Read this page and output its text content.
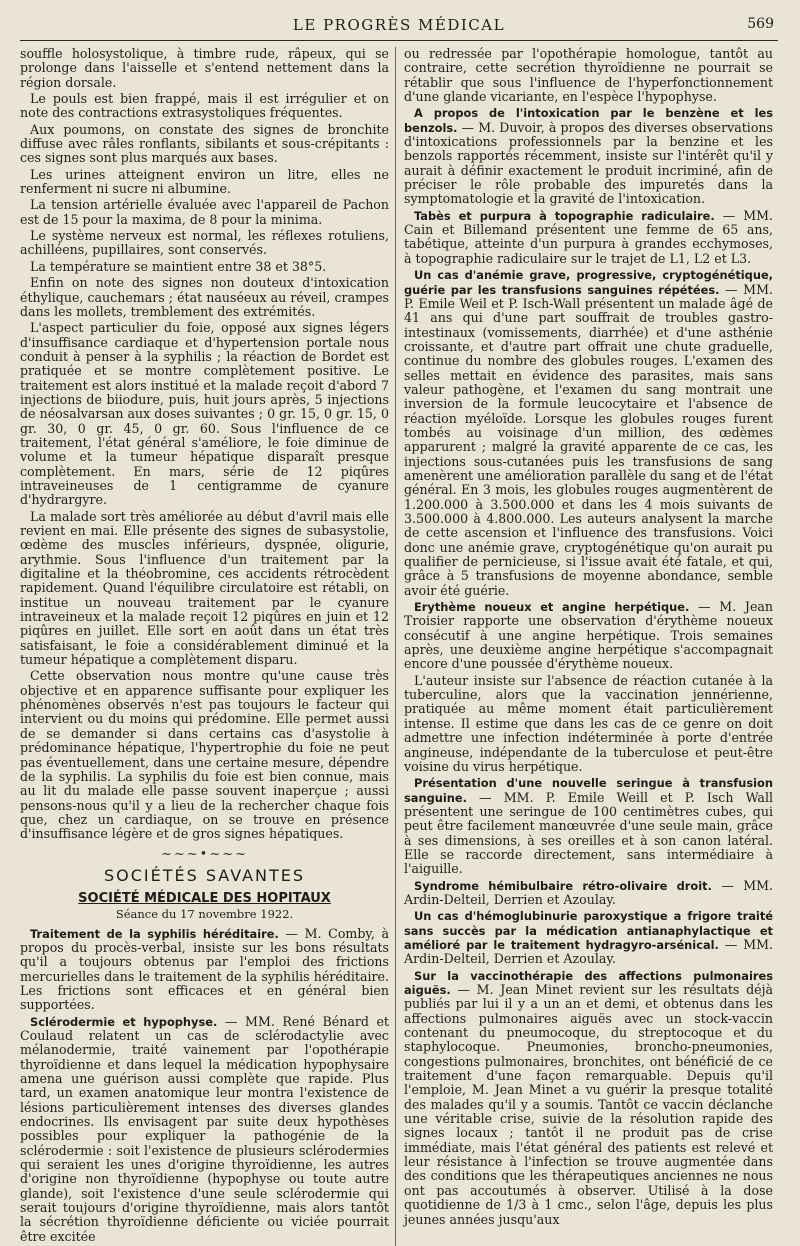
LE PROGRÈS MÉDICAL	569

souffle holosystolique, à timbre rude, râpeux, qui se prolonge dans l'aisselle et s'entend nettement dans la région dorsale.

Le pouls est bien frappé, mais il est irrégulier et on note des contractions extrasystoliques fréquentes.

Aux poumons, on constate des signes de bronchite diffuse avec râles ronflants, sibilants et sous-crépitants : ces signes sont plus marqués aux bases.

Les urines atteignent environ un litre, elles ne renferment ni sucre ni albumine.

La tension artérielle évaluée avec l'appareil de Pachon est de 15 pour la maxima, de 8 pour la minima.

Le système nerveux est normal, les réflexes rotuliens, achilléens, pupillaires, sont conservés.

La température se maintient entre 38 et 38°5.

Enfin on note des signes non douteux d'intoxication éthylique, cauchemars ; état nauséeux au réveil, crampes dans les mollets, tremblement des extrémités.

L'aspect particulier du foie, opposé aux signes légers d'insuffisance cardiaque et d'hypertension portale nous conduit à penser à la syphilis ; la réaction de Bordet est pratiquée et se montre complètement positive. Le traitement est alors institué et la malade reçoit d'abord 7 injections de biiodure, puis, huit jours après, 5 injections de néosalvarsan aux doses suivantes ; 0 gr. 15, 0 gr. 15, 0 gr. 30, 0 gr. 45, 0 gr. 60. Sous l'influence de ce traitement, l'état général s'améliore, le foie diminue de volume et la tumeur hépatique disparaît presque complètement. En mars, série de 12 piqûres intraveineuses de 1 centigramme de cyanure d'hydrargyre.

La malade sort très améliorée au début d'avril mais elle revient en mai. Elle présente des signes de subasystolie, œdème des muscles inférieurs, dyspnée, oligurie, arythmie. Sous l'influence d'un traitement par la digitaline et la théobromine, ces accidents rétrocèdent rapidement. Quand l'équilibre circulatoire est rétabli, on institue un nouveau traitement par le cyanure intraveineux et la malade reçoit 12 piqûres en juin et 12 piqûres en juillet. Elle sort en août dans un état très satisfaisant, le foie a considérablement diminué et la tumeur hépatique a complètement disparu.

Cette observation nous montre qu'une cause très objective et en apparence suffisante pour expliquer les phénomènes observés n'est pas toujours le facteur qui intervient ou du moins qui prédomine. Elle permet aussi de se demander si dans certains cas d'asystolie à prédominance hépatique, l'hypertrophie du foie ne peut pas éventuellement, dans une certaine mesure, dépendre de la syphilis. La syphilis du foie est bien connue, mais au lit du malade elle passe souvent inaperçue ; aussi pensons-nous qu'il y a lieu de la rechercher chaque fois que, chez un cardiaque, on se trouve en présence d'insuffisance légère et de gros signes hépatiques.

~~~•~~~
SOCIÉTÉS SAVANTES
SOCIÉTÉ MÉDICALE DES HOPITAUX
Séance du 17 novembre 1922.

Traitement de la syphilis héréditaire. — M. Comby, à propos du procès-verbal, insiste sur les bons résultats qu'il a toujours obtenus par l'emploi des frictions mercurielles dans le traitement de la syphilis héréditaire. Les frictions sont efficaces et en général bien supportées.

Sclérodermie et hypophyse. — MM. René Bénard et Coulaud relatent un cas de sclérodactylie avec mélanodermie, traité vainement par l'opothérapie thyroïdienne et dans lequel la médication hypophysaire amena une guérison aussi complète que rapide. Plus tard, un examen anatomique leur montra l'existence de lésions particulièrement intenses des diverses glandes endocrines. Ils envisagent par suite deux hypothèses possibles pour expliquer la pathogénie de la sclérodermie : soit l'existence de plusieurs sclérodermies qui seraient les unes d'origine thyroïdienne, les autres d'origine non thyroïdienne (hypophyse ou toute autre glande), soit l'existence d'une seule sclérodermie qui serait toujours d'origine thyroïdienne, mais alors tantôt la sécrétion thyroïdienne déficiente ou viciée pourrait être excitée

ou redressée par l'opothérapie homologue, tantôt au contraire, cette secrétion thyroïdienne ne pourrait se rétablir que sous l'influence de l'hyperfonctionnement d'une glande vicariante, en l'espèce l'hypophyse.

A propos de l'intoxication par le benzène et les benzols. — M. Duvoir, à propos des diverses observations d'intoxications professionnels par la benzine et les benzols rapportés récemment, insiste sur l'intérêt qu'il y aurait à définir exactement le produit incriminé, afin de préciser le rôle probable des impuretés dans la symptomatologie et la gravité de l'intoxication.

Tabès et purpura à topographie radiculaire. — MM. Cain et Billemand présentent une femme de 65 ans, tabétique, atteinte d'un purpura à grandes ecchymoses, à topographie radiculaire sur le trajet de L1, L2 et L3.

Un cas d'anémie grave, progressive, cryptogénétique, guérie par les transfusions sanguines répétées. — MM. P. Emile Weil et P. Isch-Wall présentent un malade âgé de 41 ans qui d'une part souffrait de troubles gastro-intestinaux (vomissements, diarrhée) et d'une asthénie croissante, et d'autre part offrait une chute graduelle, continue du nombre des globules rouges. L'examen des selles mettait en évidence des parasites, mais sans valeur pathogène, et l'examen du sang montrait une inversion de la formule leucocytaire et l'absence de réaction myéloïde. Lorsque les globules rouges furent tombés au voisinage d'un million, des œdèmes apparurent ; malgré la gravité apparente de ce cas, les injections sous-cutanées puis les transfusions de sang amenèrent une amélioration parallèle du sang et de l'état général. En 3 mois, les globules rouges augmentèrent de 1.200.000 à 3.500.000 et dans les 4 mois suivants de 3.500.000 à 4.800.000. Les auteurs analysent la marche de cette ascension et l'influence des transfusions. Voici donc une anémie grave, cryptogénétique qu'on aurait pu qualifier de pernicieuse, si l'issue avait été fatale, et qui, grâce à 5 transfusions de moyenne abondance, semble avoir été guérie.

Erythème noueux et angine herpétique. — M. Jean Troisier rapporte une observation d'érythème noueux consécutif à une angine herpétique. Trois semaines après, une deuxième angine herpétique s'accompagnait encore d'une poussée d'érythème noueux.

L'auteur insiste sur l'absence de réaction cutanée à la tuberculine, alors que la vaccination jennérienne, pratiquée au même moment était particulièrement intense. Il estime que dans les cas de ce genre on doit admettre une infection indéterminée à porte d'entrée angineuse, indépendante de la tuberculose et peut-être voisine du virus herpétique.

Présentation d'une nouvelle seringue à transfusion sanguine. — MM. P. Emile Weill et P. Isch Wall présentent une seringue de 100 centimètres cubes, qui peut être facilement manœuvrée d'une seule main, grâce à ses dimensions, à ses oreilles et à son canon latéral. Elle se raccorde directement, sans intermédiaire à l'aiguille.

Syndrome hémibulbaire rétro-olivaire droit. — MM. Ardin-Delteil, Derrien et Azoulay.

Un cas d'hémoglubinurie paroxystique a frigore traité sans succès par la médication antianaphylactique et amélioré par le traitement hydragyro-arsénical. — MM. Ardin-Delteil, Derrien et Azoulay.

Sur la vaccinothérapie des affections pulmonaires aiguës. — M. Jean Minet revient sur les résultats déjà publiés par lui il y a un an et demi, et obtenus dans les affections pulmonaires aiguës avec un stock-vaccin contenant du pneumocoque, du streptocoque et du staphylocoque. Pneumonies, broncho-pneumonies, congestions pulmonaires, bronchites, ont bénéficié de ce traitement d'une façon remarquable. Depuis qu'il l'emploie, M. Jean Minet a vu guérir la presque totalité des malades qu'il y a soumis. Tantôt ce vaccin déclanche une véritable crise, suivie de la résolution rapide des signes locaux ; tantôt il ne produit pas de crise immédiate, mais l'état général des patients est relevé et leur résistance à l'infection se trouve augmentée dans des conditions que les thérapeutiques anciennes ne nous ont pas accoutumés à observer. Utilisé à la dose quotidienne de 1/3 à 1 cmc., selon l'âge, depuis les plus jeunes années jusqu'aux
